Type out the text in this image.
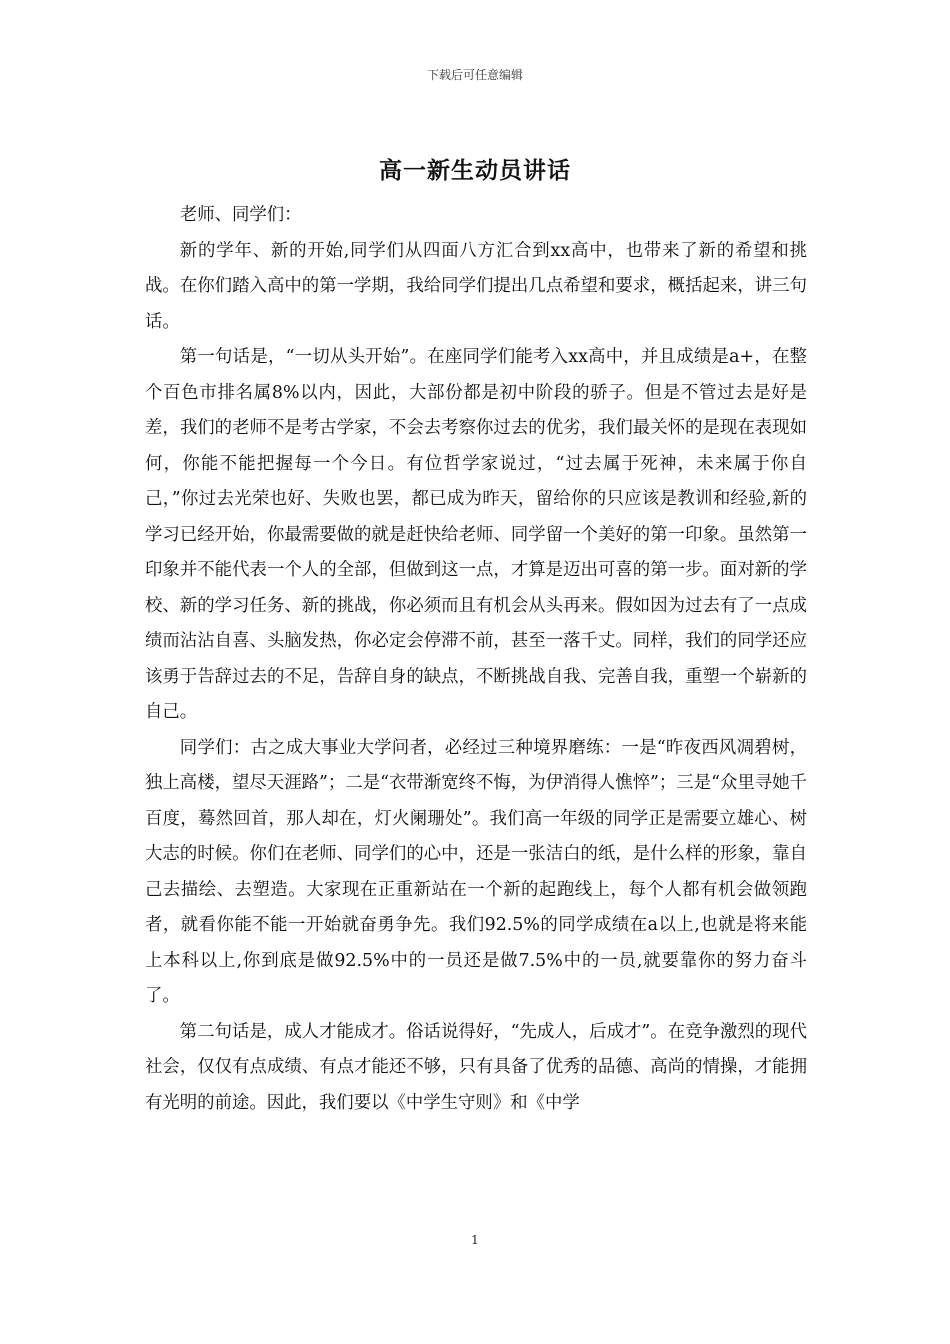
下载后可任意编辑
高一新生动员讲话

老师、同学们：

新的学年、新的开始,同学们从四面八方汇合到xx高中，也带来了新的希望和挑战。在你们踏入高中的第一学期，我给同学们提出几点希望和要求，概括起来，讲三句话。

第一句话是，“一切从头开始”。在座同学们能考入xx高中，并且成绩是a+，在整个百色市排名属8%以内，因此，大部份都是初中阶段的骄子。但是不管过去是好是差，我们的老师不是考古学家，不会去考察你过去的优劣，我们最关怀的是现在表现如何，你能不能把握每一个今日。有位哲学家说过，“过去属于死神，未来属于你自己，”你过去光荣也好、失败也罢，都已成为昨天，留给你的只应该是教训和经验,新的学习已经开始，你最需要做的就是赶快给老师、同学留一个美好的第一印象。虽然第一印象并不能代表一个人的全部，但做到这一点，才算是迈出可喜的第一步。面对新的学校、新的学习任务、新的挑战，你必须而且有机会从头再来。假如因为过去有了一点成绩而沾沾自喜、头脑发热，你必定会停滞不前，甚至一落千丈。同样，我们的同学还应该勇于告辞过去的不足，告辞自身的缺点，不断挑战自我、完善自我，重塑一个崭新的自己。

同学们：古之成大事业大学问者，必经过三种境界磨练：一是“昨夜西风凋碧树，独上高楼，望尽天涯路”；二是“衣带渐宽终不悔，为伊消得人憔悴”；三是“众里寻她千百度，蓦然回首，那人却在，灯火阑珊处”。我们高一年级的同学正是需要立雄心、树大志的时候。你们在老师、同学们的心中，还是一张洁白的纸，是什么样的形象，靠自己去描绘、去塑造。大家现在正重新站在一个新的起跑线上，每个人都有机会做领跑者，就看你能不能一开始就奋勇争先。我们92.5%的同学成绩在a以上,也就是将来能上本科以上,你到底是做92.5%中的一员还是做7.5%中的一员,就要靠你的努力奋斗了。

第二句话是，成人才能成才。俗话说得好，“先成人，后成才”。在竞争激烈的现代社会，仅仅有点成绩、有点才能还不够，只有具备了优秀的品德、高尚的情操，才能拥有光明的前途。因此，我们要以《中学生守则》和《中学

1
